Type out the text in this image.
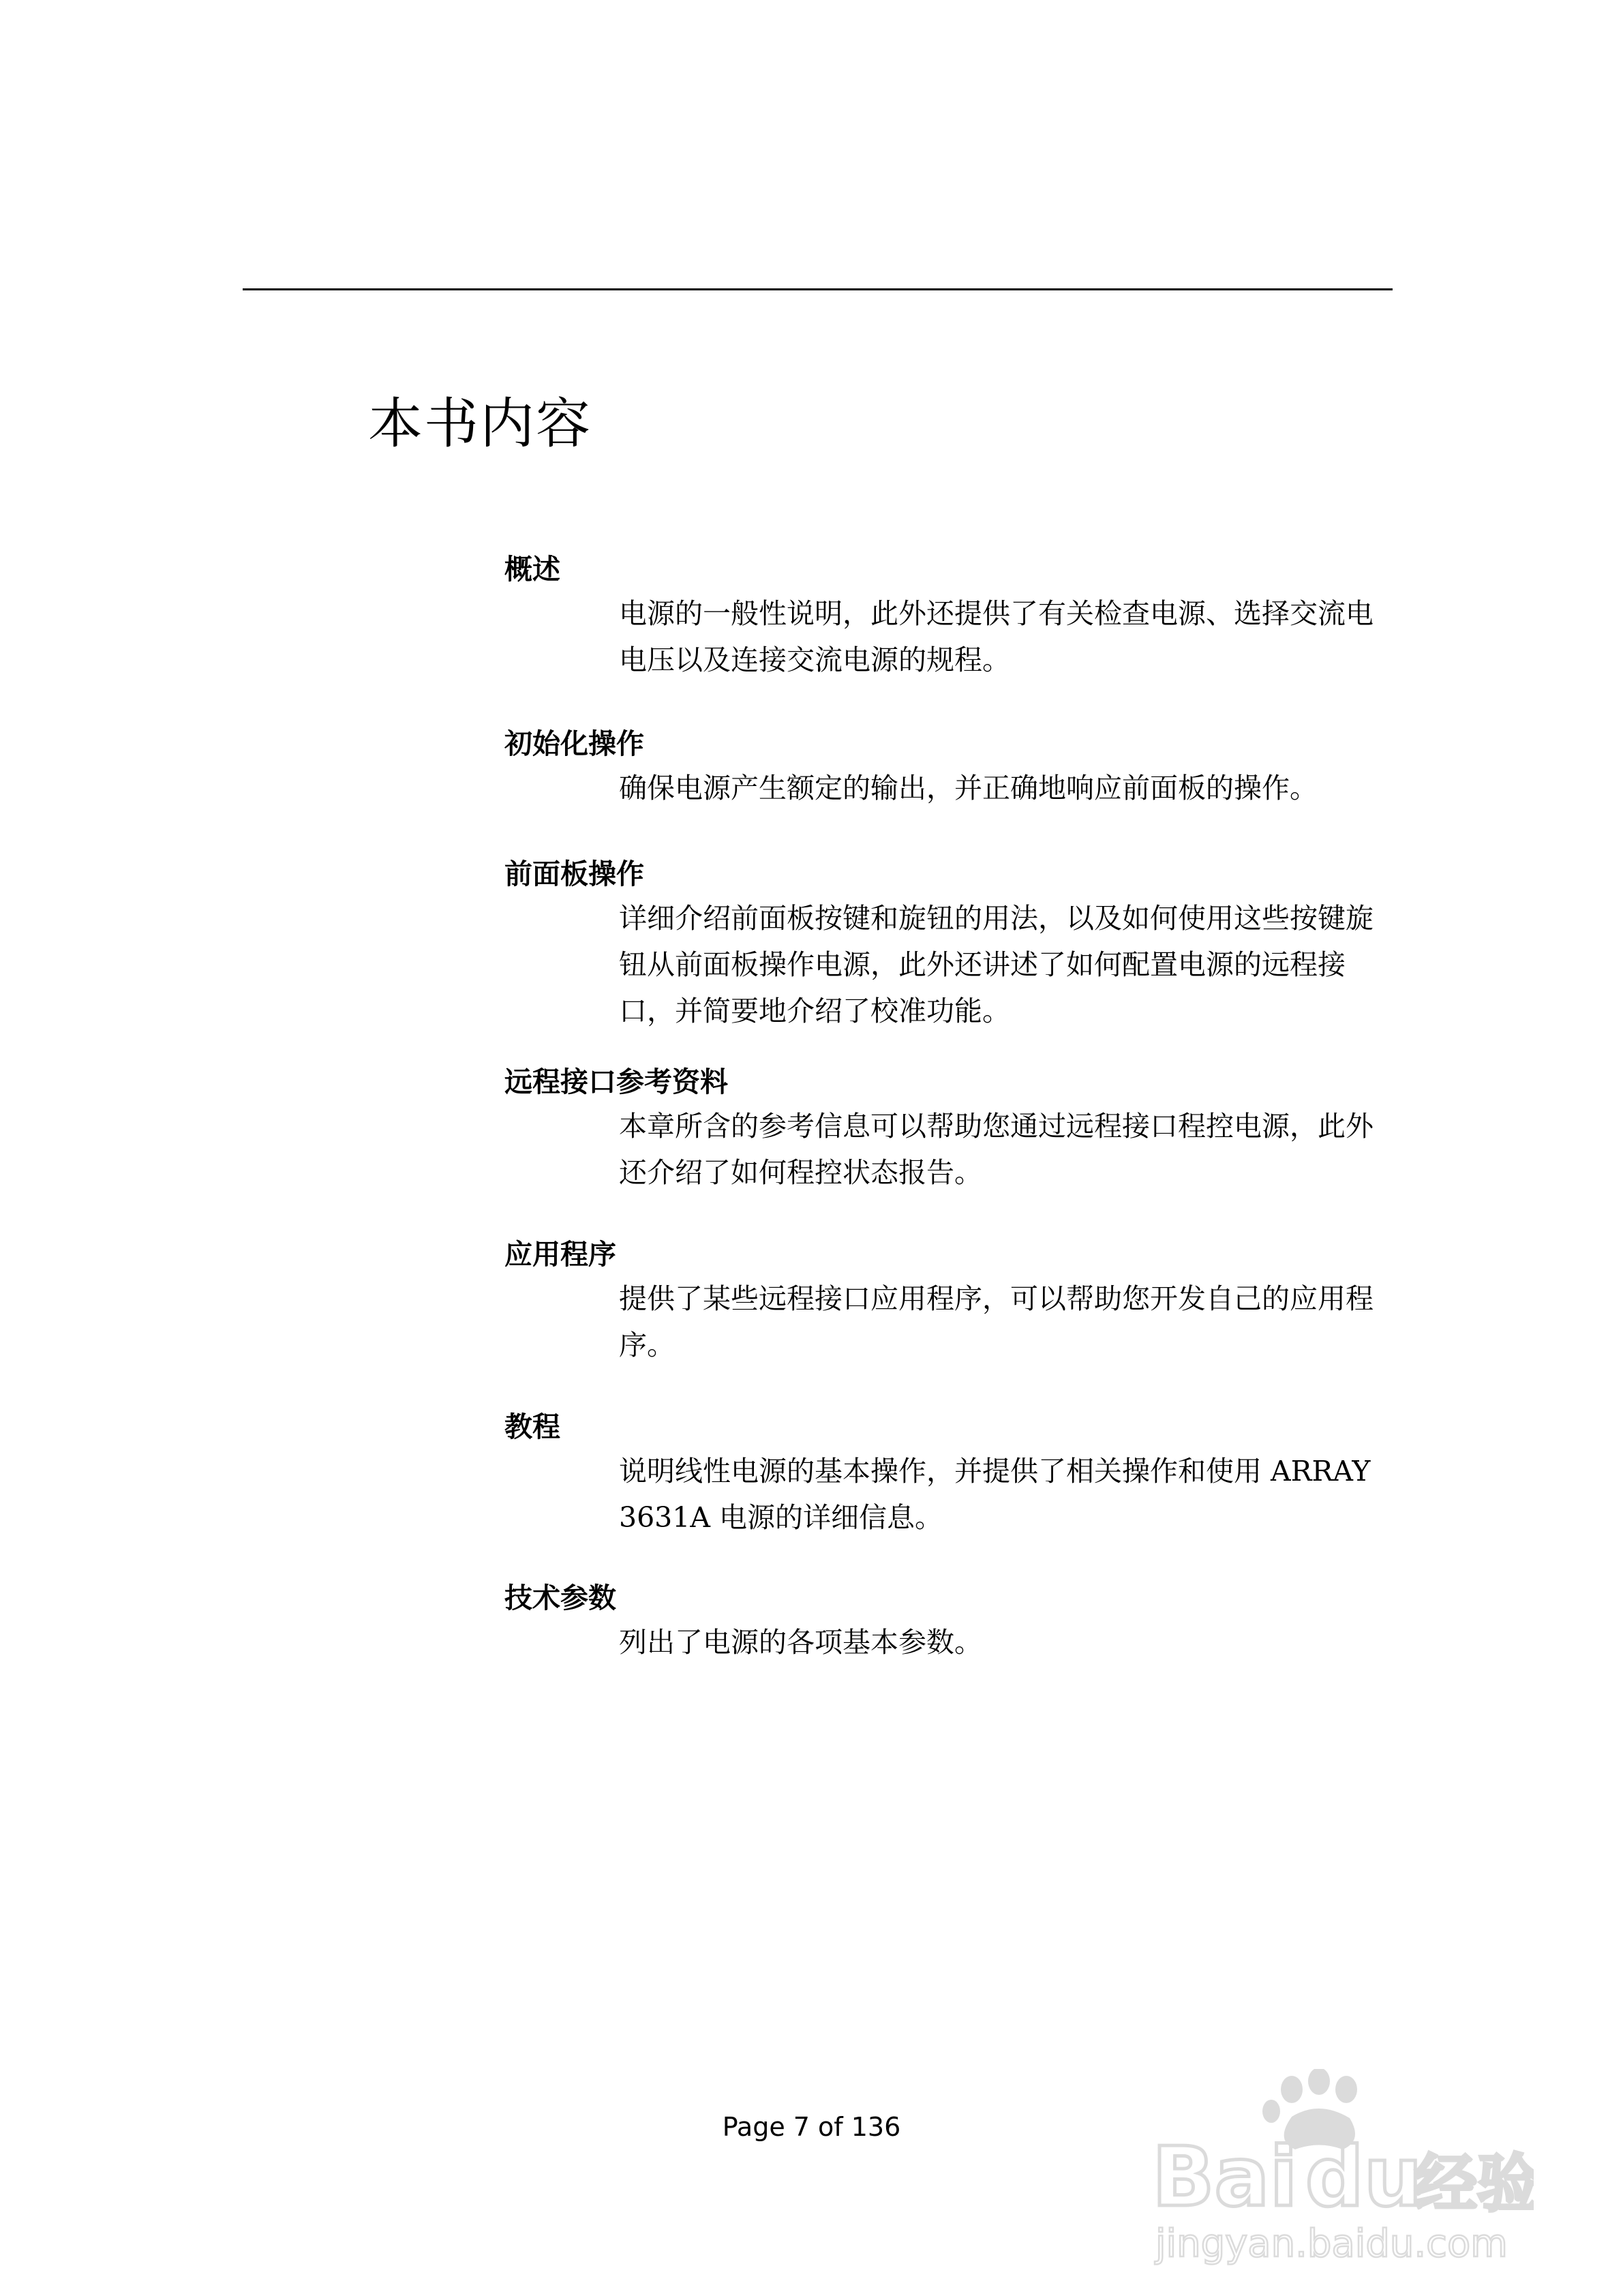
本书内容
概述
电源的一般性说明，此外还提供了有关检查电源、选择交流电
电压以及连接交流电源的规程。
初始化操作
确保电源产生额定的输出，并正确地响应前面板的操作。
前面板操作
详细介绍前面板按键和旋钮的用法，以及如何使用这些按键旋
钮从前面板操作电源，此外还讲述了如何配置电源的远程接
口，并简要地介绍了校准功能。
远程接口参考资料
本章所含的参考信息可以帮助您通过远程接口程控电源，此外
还介绍了如何程控状态报告。
应用程序
提供了某些远程接口应用程序，可以帮助您开发自己的应用程
序。
教程
说明线性电源的基本操作，并提供了相关操作和使用 ARRAY
3631A 电源的详细信息。
技术参数
列出了电源的各项基本参数。
Page 7 of 136
Bai du
经验
jingyan.baidu.com
